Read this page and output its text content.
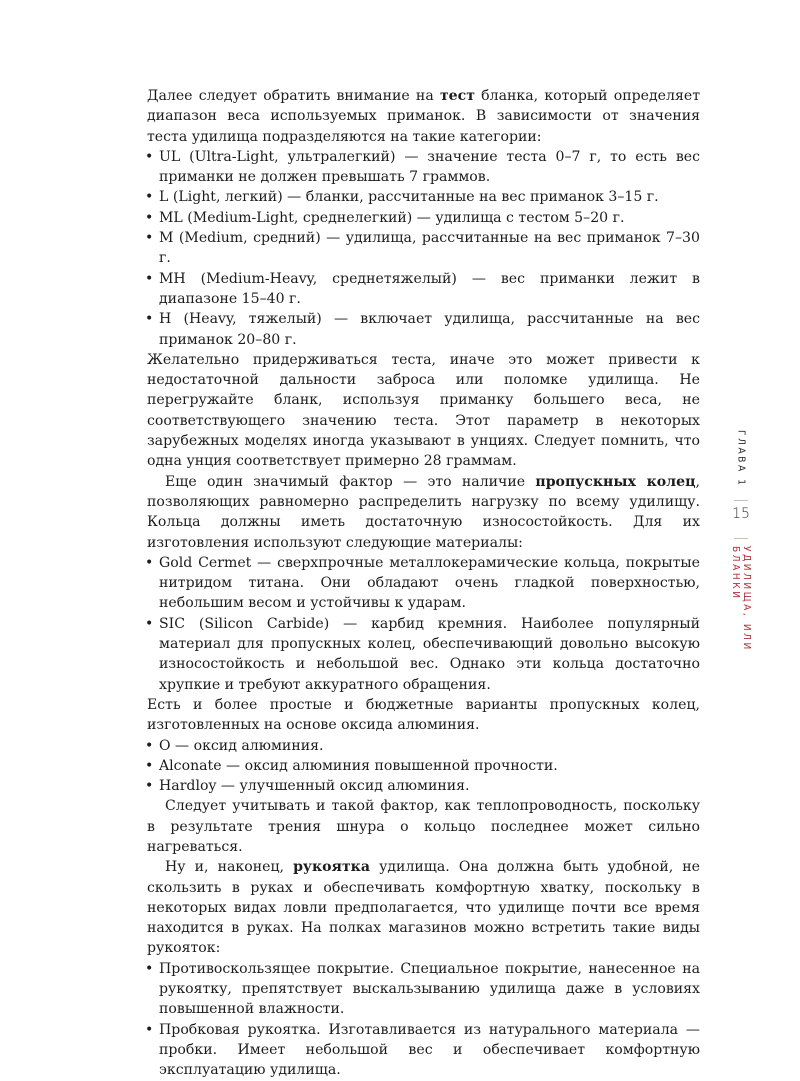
Далее следует обратить внимание на тест бланка, который определяет диапазон веса используемых приманок. В зависимости от значения теста удилища подразделяются на такие категории:

• UL (Ultra-Light, ультралегкий) — значение теста 0–7 г, то есть вес приманки не должен превышать 7 граммов.
• L (Light, легкий) — бланки, рассчитанные на вес приманок 3–15 г.
• ML (Medium-Light, среднелегкий) — удилища с тестом 5–20 г.
• M (Medium, средний) — удилища, рассчитанные на вес приманок 7–30 г.
• MH (Medium-Heavy, среднетяжелый) — вес приманки лежит в диапазоне 15–40 г.
• H (Heavy, тяжелый) — включает удилища, рассчитанные на вес приманок 20–80 г.

Желательно придерживаться теста, иначе это может привести к недостаточной дальности заброса или поломке удилища. Не перегружайте бланк, используя приманку большего веса, не соответствующего значению теста. Этот параметр в некоторых зарубежных моделях иногда указывают в унциях. Следует помнить, что одна унция соответствует примерно 28 граммам.

Еще один значимый фактор — это наличие пропускных колец, позволяющих равномерно распределить нагрузку по всему удилищу. Кольца должны иметь достаточную износостойкость. Для их изготовления используют следующие материалы:

• Gold Cermet — сверхпрочные металлокерамические кольца, покрытые нитридом титана. Они обладают очень гладкой поверхностью, небольшим весом и устойчивы к ударам.
• SIC (Silicon Carbide) — карбид кремния. Наиболее популярный материал для пропускных колец, обеспечивающий довольно высокую износостойкость и небольшой вес. Однако эти кольца достаточно хрупкие и требуют аккуратного обращения.

Есть и более простые и бюджетные варианты пропускных колец, изготовленных на основе оксида алюминия.

• O — оксид алюминия.
• Alconate — оксид алюминия повышенной прочности.
• Hardloy — улучшенный оксид алюминия.

Следует учитывать и такой фактор, как теплопроводность, поскольку в результате трения шнура о кольцо последнее может сильно нагреваться.

Ну и, наконец, рукоятка удилища. Она должна быть удобной, не скользить в руках и обеспечивать комфортную хватку, поскольку в некоторых видах ловли предполагается, что удилище почти все время находится в руках. На полках магазинов можно встретить такие виды рукояток:

• Противоскользящее покрытие. Специальное покрытие, нанесенное на рукоятку, препятствует выскальзыванию удилища даже в условиях повышенной влажности.
• Пробковая рукоятка. Изготавливается из натурального материала — пробки. Имеет небольшой вес и обеспечивает комфортную эксплуатацию удилища.
ГЛАВА 1
15
УДИЛИЩА, ИЛИ БЛАНКИ
